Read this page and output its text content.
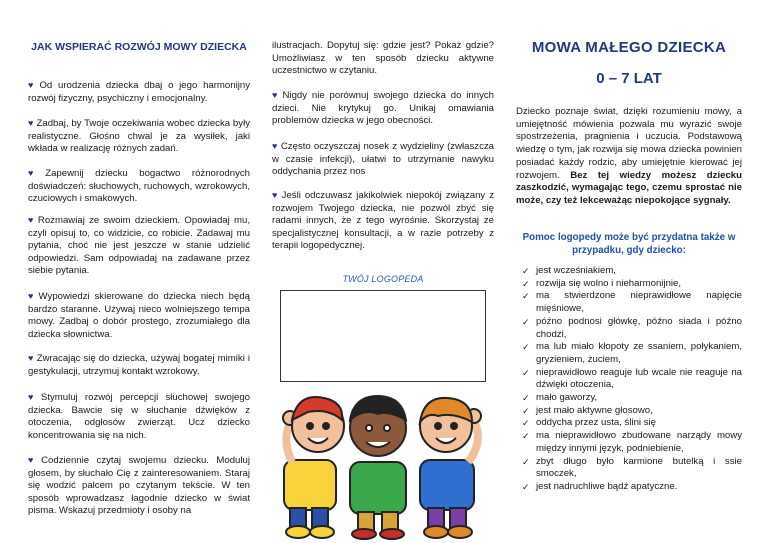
JAK WSPIERAĆ ROZWÓJ MOWY DZIECKA

♥ Od urodzenia dziecka dbaj o jego harmonijny rozwój fizyczny, psychiczny i emocjonalny.

♥ Zadbaj, by Twoje oczekiwania wobec dziecka były realistyczne. Głośno chwal je za wysiłek, jaki wkłada w realizację różnych zadań.

♥ Zapewnij dziecku bogactwo różnorodnych doświadczeń: słuchowych, ruchowych, wzrokowych, czuciowych i smakowych.

♥ Rozmawiaj ze swoim dzieckiem. Opowiadaj mu, czyli opisuj to, co widzicie, co robicie. Zadawaj mu pytania, choć nie jest jeszcze w stanie udzielić odpowiedzi. Sam odpowiadaj na zadawane przez siebie pytania.

♥ Wypowiedzi skierowane do dziecka niech będą bardzo staranne. Używaj nieco wolniejszego tempa mowy. Zadbaj o dobór prostego, zrozumiałego dla dziecka słownictwa.

♥ Zwracając się do dziecka, używaj bogatej mimiki i gestykulacji, utrzymuj kontakt wzrokowy.

♥ Stymuluj rozwój percepcji słuchowej swojego dziecka. Bawcie się w słuchanie dźwięków z otoczenia, odgłosów zwierząt. Ucz dziecko koncentrowania się na nich.

♥ Codziennie czytaj swojemu dziecku. Moduluj głosem, by słuchało Cię z zainteresowaniem. Staraj się wodzić palcem po czytanym tekście. W ten sposób wprowadzasz łagodnie dziecko w świat pisma. Wskazuj przedmioty i osoby na

ilustracjach. Dopytuj się: gdzie jest? Pokaż gdzie? Umożliwiasz w ten sposób dziecku aktywne uczestnictwo w czytaniu.

♥ Nigdy nie porównuj swojego dziecka do innych dzieci. Nie krytykuj go. Unikaj omawiania problemów dziecka w jego obecności.

♥ Często oczyszczaj nosek z wydzieliny (zwłaszcza w czasie infekcji), ułatwi to utrzymanie nawyku oddychania przez nos

♥ Jeśli odczuwasz jakikolwiek niepokój związany z rozwojem Twojego dziecka, nie pozwól zbyć się radami innych, że z tego wyrośnie. Skorzystaj ze specjalistycznej konsultacji, a w razie potrzeby z terapii logopedycznej.

TWÓJ LOGOPEDA
MOWA MAŁEGO DZIECKA
0 – 7 LAT

Dziecko poznaje świat, dzięki rozumieniu mowy, a umiejętność mówienia pozwala mu wyrazić swoje spostrzeżenia, pragnienia i uczucia. Podstawową wiedzę o tym, jak rozwija się mowa dziecka powinien posiadać każdy rodzic, aby umiejętnie kierować jej rozwojem. Bez tej wiedzy możesz dziecku zaszkodzić, wymagając tego, czemu sprostać nie może, czy też lekceważąc niepokojące sygnały.

Pomoc logopedy może być przydatna także w przypadku, gdy dziecko:
✓ jest wcześniakiem,
✓ rozwija się wolno i nieharmonijnie,
✓ ma stwierdzone nieprawidłowe napięcie mięśniowe,
✓ późno podnosi główkę, późno siada i późno chodzi,
✓ ma lub miało kłopoty ze ssaniem, połykaniem, gryzieniem, żuciem,
✓ nieprawidłowo reaguje lub wcale nie reaguje na dźwięki otoczenia,
✓ mało gaworzy,
✓ jest mało aktywne głosowo,
✓ oddycha przez usta, ślini się
✓ ma nieprawidłowo zbudowane narządy mowy między innymi język, podniebienie,
✓ zbyt długo było karmione butelką i ssie smoczek,
✓ jest nadruchliwe bądź apatyczne.
